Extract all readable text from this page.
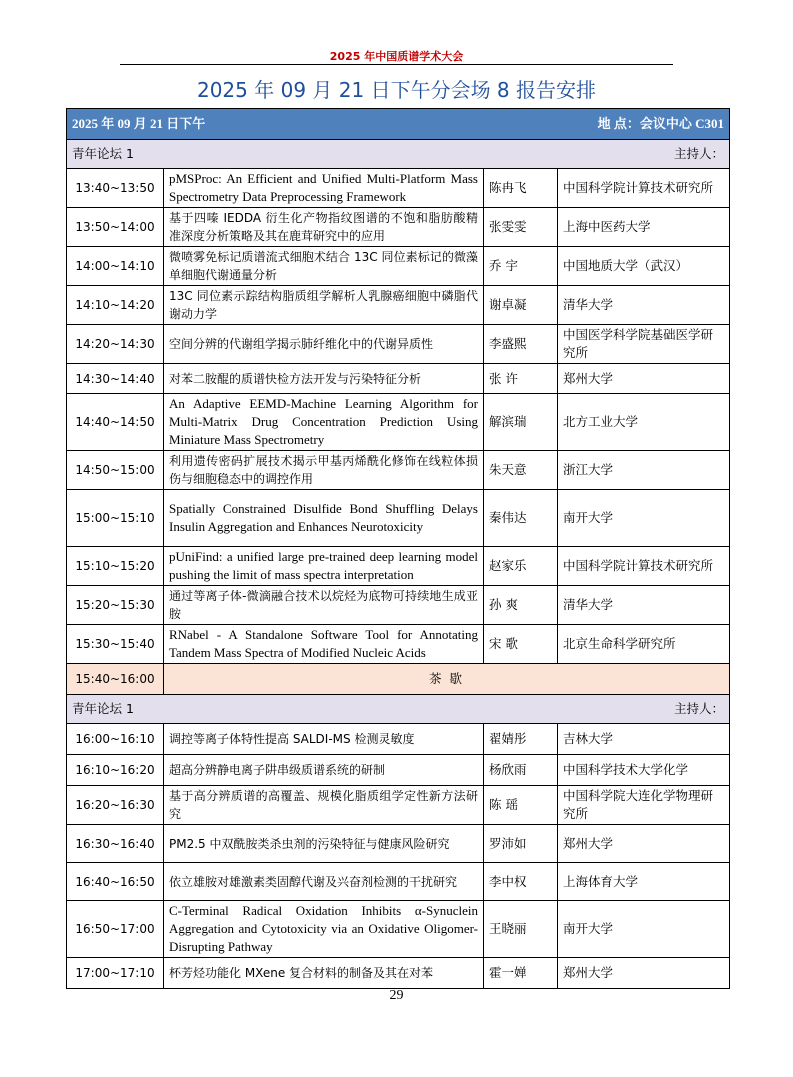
2025 年中国质谱学术大会
2025 年 09 月 21 日下午分会场 8 报告安排
2025 年 09 月 21 日下午 地 点：会议中心 C301			

青年论坛 1 主持人：			

13:40~13:50	pMSProc: An Efficient and Unified Multi-Platform Mass Spectrometry Data Preprocessing Framework	陈冉飞	中国科学院计算技术研究所
13:50~14:00	基于四嗪 IEDDA 衍生化产物指纹图谱的不饱和脂肪酸精准深度分析策略及其在鹿茸研究中的应用	张雯雯	上海中医药大学
14:00~14:10	微喷雾免标记质谱流式细胞术结合 13C 同位素标记的微藻单细胞代谢通量分析	乔 宇	中国地质大学（武汉）
14:10~14:20	13C 同位素示踪结构脂质组学解析人乳腺癌细胞中磷脂代谢动力学	谢卓凝	清华大学
14:20~14:30	空间分辨的代谢组学揭示肺纤维化中的代谢异质性	李盛熙	中国医学科学院基础医学研究所
14:30~14:40	对苯二胺醌的质谱快检方法开发与污染特征分析	张 许	郑州大学
14:40~14:50	An Adaptive EEMD-Machine Learning Algorithm for Multi-Matrix Drug Concentration Prediction Using Miniature Mass Spectrometry	解滨瑞	北方工业大学
14:50~15:00	利用遗传密码扩展技术揭示甲基丙烯酰化修饰在线粒体损伤与细胞稳态中的调控作用	朱天意	浙江大学
15:00~15:10	Spatially Constrained Disulfide Bond Shuffling Delays Insulin Aggregation and Enhances Neurotoxicity	秦伟达	南开大学
15:10~15:20	pUniFind: a unified large pre-trained deep learning model pushing the limit of mass spectra interpretation	赵家乐	中国科学院计算技术研究所
15:20~15:30	通过等离子体-微滴融合技术以烷烃为底物可持续地生成亚胺	孙 爽	清华大学
15:30~15:40	RNabel - A Standalone Software Tool for Annotating Tandem Mass Spectra of Modified Nucleic Acids	宋 歌	北京生命科学研究所
15:40~16:00	茶 歇		
青年论坛 1 主持人：			

16:00~16:10	调控等离子体特性提高 SALDI-MS 检测灵敏度	翟婧彤	吉林大学
16:10~16:20	超高分辨静电离子阱串级质谱系统的研制	杨欣雨	中国科学技术大学化学
16:20~16:30	基于高分辨质谱的高覆盖、规模化脂质组学定性新方法研究	陈 瑶	中国科学院大连化学物理研究所
16:30~16:40	PM2.5 中双酰胺类杀虫剂的污染特征与健康风险研究	罗沛如	郑州大学
16:40~16:50	依立雄胺对雄激素类固醇代谢及兴奋剂检测的干扰研究	李中权	上海体育大学
16:50~17:00	C-Terminal Radical Oxidation Inhibits α-Synuclein Aggregation and Cytotoxicity via an Oxidative Oligomer-Disrupting Pathway	王晓丽	南开大学
17:00~17:10	杯芳烃功能化 MXene 复合材料的制备及其在对苯	霍一婵	郑州大学
29
